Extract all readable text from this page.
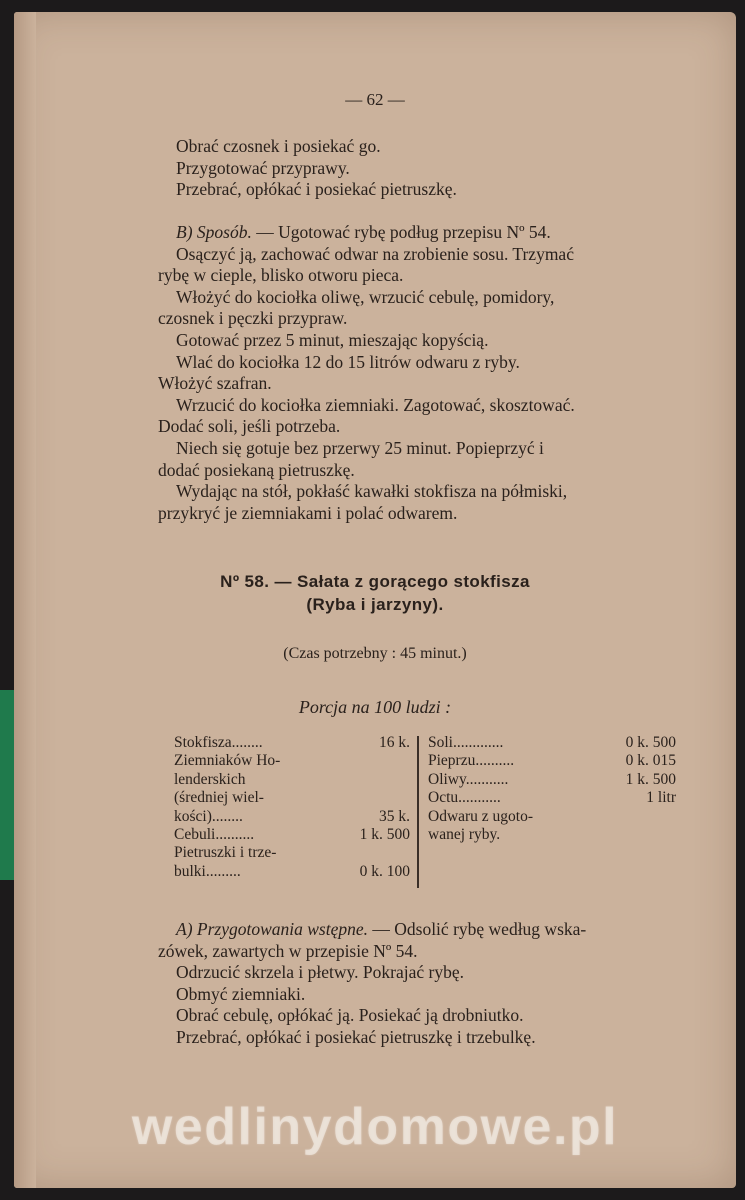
— 62 —

Obrać czosnek i posiekać go.
Przygotować przyprawy.
Przebrać, opłókać i posiekać pietruszkę.
B) Sposób. — Ugotować rybę podług przepisu Nº 54.
Osączyć ją, zachować odwar na zrobienie sosu. Trzymać
rybę w cieple, blisko otworu pieca.
Włożyć do kociołka oliwę, wrzucić cebulę, pomidory,
czosnek i pęczki przypraw.
Gotować przez 5 minut, mieszając kopyścią.
Wlać do kociołka 12 do 15 litrów odwaru z ryby.
Włożyć szafran.
Wrzucić do kociołka ziemniaki. Zagotować, skosztować.
Dodać soli, jeśli potrzeba.
Niech się gotuje bez przerwy 25 minut. Popieprzyć i
dodać posiekaną pietruszkę.
Wydając na stół, pokłaść kawałki stokfisza na półmiski,
przykryć je ziemniakami i polać odwarem.
Nº 58. — Sałata z gorącego stokfisza
(Ryba i jarzyny).

(Czas potrzebny : 45 minut.)

Porcja na 100 ludzi :

Stokfisza........	16 k.
Ziemniaków Ho-
lenderskich
(średniej wiel-
kości)........	35 k.
Cebuli..........	1 k. 500
Pietruszki i trze-
bulki.........	0 k. 100
Soli.............	0 k. 500
Pieprzu..........	0 k. 015
Oliwy...........	1 k. 500
Octu...........	1 litr
Odwaru z ugoto-
wanej ryby.
A) Przygotowania wstępne. — Odsolić rybę według wska-
zówek, zawartych w przepisie Nº 54.
Odrzucić skrzela i płetwy. Pokrajać rybę.
Obmyć ziemniaki.
Obrać cebulę, opłókać ją. Posiekać ją drobniutko.
Przebrać, opłókać i posiekać pietruszkę i trzebulkę.
wedlinydomowe.pl
